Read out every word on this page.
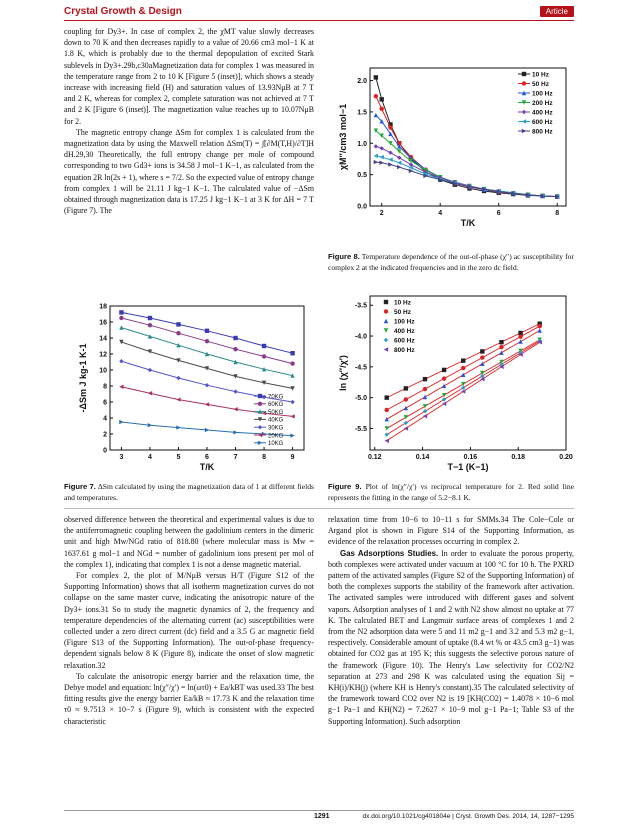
Crystal Growth & Design	Article

coupling for Dy3+. In case of complex 2, the χMT value slowly decreases down to 70 K and then decreases rapidly to a value of 20.66 cm3 mol−1 K at 1.8 K, which is probably due to the thermal depopulation of excited Stark sublevels in Dy3+.29b,c30aMagnetization data for complex 1 was measured in the temperature range from 2 to 10 K [Figure 5 (inset)], which shows a steady increase with increasing field (H) and saturation values of 13.93NμB at 7 T and 2 K, whereas for complex 2, complete saturation was not achieved at 7 T and 2 K [Figure 6 (inset)]. The magnetization value reaches up to 10.07NμB for 2.

The magnetic entropy change ΔSm for complex 1 is calculated from the magnetization data by using the Maxwell relation ΔSm(T) = ∫[∂M(T,H)/∂T]H dH.29,30 Theoretically, the full entropy change per mole of compound corresponding to two Gd3+ ions is 34.58 J mol−1 K−1, as calculated from the equation 2R ln(2s + 1), where s = 7/2. So the expected value of entropy change from complex 1 will be 21.11 J kg−1 K−1. The calculated value of −ΔSm obtained through magnetization data is 17.25 J kg−1 K−1 at 3 K for ΔH = 7 T (Figure 7). The

3	4	5	6	7	8	9
0
2
4
6
8
10
12
14
16
18
T/K
-ΔSm J kg-1 K-1	70KG
60KG
50KG
40KG
30KG
20KG
10KG
Figure 7. ΔSm calculated by using the magnetization data of 1 at different fields and temperatures.
2	4	6	8
0.0
0.5
1.0
1.5
2.0
T/K
χM″/cm3 mol−1
10 Hz
50 Hz
100 Hz
200 Hz
400 Hz
600 Hz
800 Hz
Figure 8. Temperature dependence of the out-of-phase (χ″) ac susceptibility for complex 2 at the indicated frequencies and in the zero dc field.
0.12	0.14	0.16	0.18	0.20
-3.5
-4.0
-4.5
-5.0
-5.5
T−1 (K−1)
ln (χ″/χ′)
10 Hz
50 Hz
100 Hz
400 Hz
600 Hz
800 Hz
Figure 9. Plot of ln(χ″/χ′) vs reciprocal temperature for 2. Red solid line represents the fitting in the range of 5.2−8.1 K.

observed difference between the theoretical and experimental values is due to the antiferromagnetic coupling between the gadolinium centers in the dimeric unit and high Mw/NGd ratio of 818.80 (where molecular mass is Mw = 1637.61 g mol−1 and NGd = number of gadolinium ions present per mol of the complex 1), indicating that complex 1 is not a dense magnetic material.

For complex 2, the plot of M/NμB versus H/T (Figure S12 of the Supporting Information) shows that all isotherm magnetization curves do not collapse on the same master curve, indicating the anisotropic nature of the Dy3+ ions.31 So to study the magnetic dynamics of 2, the frequency and temperature dependencies of the alternating current (ac) susceptibilities were collected under a zero direct current (dc) field and a 3.5 G ac magnetic field (Figure S13 of the Supporting Information). The out-of-phase frequency-dependent signals below 8 K (Figure 8), indicate the onset of slow magnetic relaxation.32

To calculate the anisotropic energy barrier and the relaxation time, the Debye model and equation: ln(χ″/χ′) = ln(ωτ0) + Ea/kBT was used.33 The best fitting results give the energy barrier Ea/kB ≈ 17.73 K and the relaxation time τ0 ≈ 9.7513 × 10−7 s (Figure 9), which is consistent with the expected characteristic

relaxation time from 10−6 to 10−11 s for SMMs.34 The Cole−Cole or Argand plot is shown in Figure S14 of the Supporting Information, as evidence of the relaxation processes occurring in complex 2.

Gas Adsorptions Studies. In order to evaluate the porous property, both complexes were activated under vacuum at 100 °C for 10 h. The PXRD pattern of the activated samples (Figure S2 of the Supporting Information) of both the complexes supports the stability of the framework after activation. The activated samples were introduced with different gases and solvent vapors. Adsorption analyses of 1 and 2 with N2 show almost no uptake at 77 K. The calculated BET and Langmuir surface areas of complexes 1 and 2 from the N2 adsorption data were 5 and 11 m2 g−1 and 3.2 and 5.3 m2 g−1, respectively. Considerable amount of uptake (8.4 wt % or 43.5 cm3 g−1) was obtained for CO2 gas at 195 K; this suggests the selective porous nature of the framework (Figure 10). The Henry's Law selectivity for CO2/N2 separation at 273 and 298 K was calculated using the equation Sij = KH(i)/KH(j) (where KH is Henry's constant).35 The calculated selectivity of the framework toward CO2 over N2 is 19 [KH(CO2) = 1.4078 × 10−6 mol g−1 Pa−1 and KH(N2) = 7.2627 × 10−9 mol g−1 Pa−1; Table S3 of the Supporting Information). Such adsorption

1291	dx.doi.org/10.1021/cg401804e | Cryst. Growth Des. 2014, 14, 1287−1295
